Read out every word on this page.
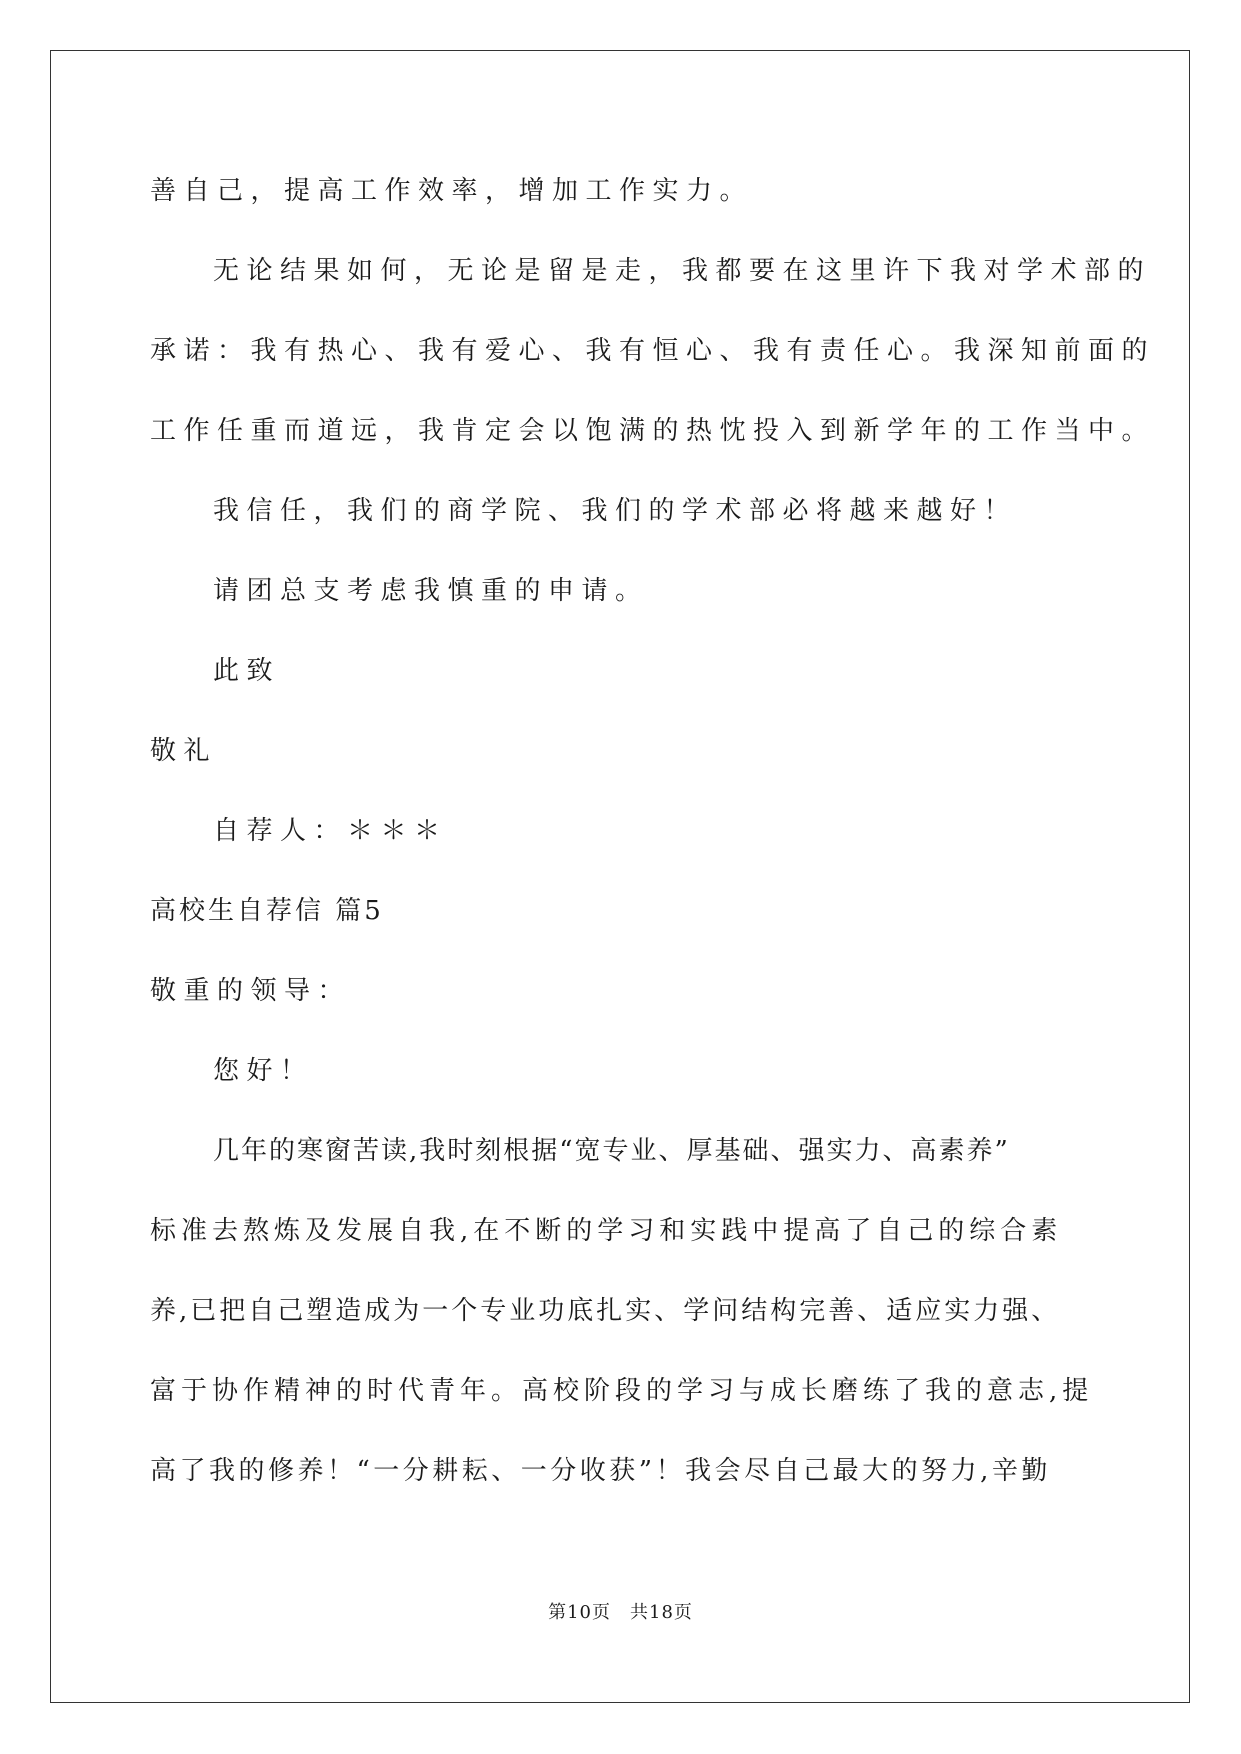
善自己，提高工作效率，增加工作实力。
无论结果如何，无论是留是走，我都要在这里许下我对学术部的
承诺：我有热心、我有爱心、我有恒心、我有责任心。我深知前面的
工作任重而道远，我肯定会以饱满的热忱投入到新学年的工作当中。
我信任，我们的商学院、我们的学术部必将越来越好！
请团总支考虑我慎重的申请。
此致
敬礼
自荐人：＊＊＊
高校生自荐信 篇5
敬重的领导：
您好！
几年的寒窗苦读,我时刻根据“宽专业、厚基础、强实力、高素养”
标准去熬炼及发展自我,在不断的学习和实践中提高了自己的综合素
养,已把自己塑造成为一个专业功底扎实、学问结构完善、适应实力强、
富于协作精神的时代青年。高校阶段的学习与成长磨练了我的意志,提
高了我的修养！“一分耕耘、一分收获”！我会尽自己最大的努力,辛勤
第10页　共18页
